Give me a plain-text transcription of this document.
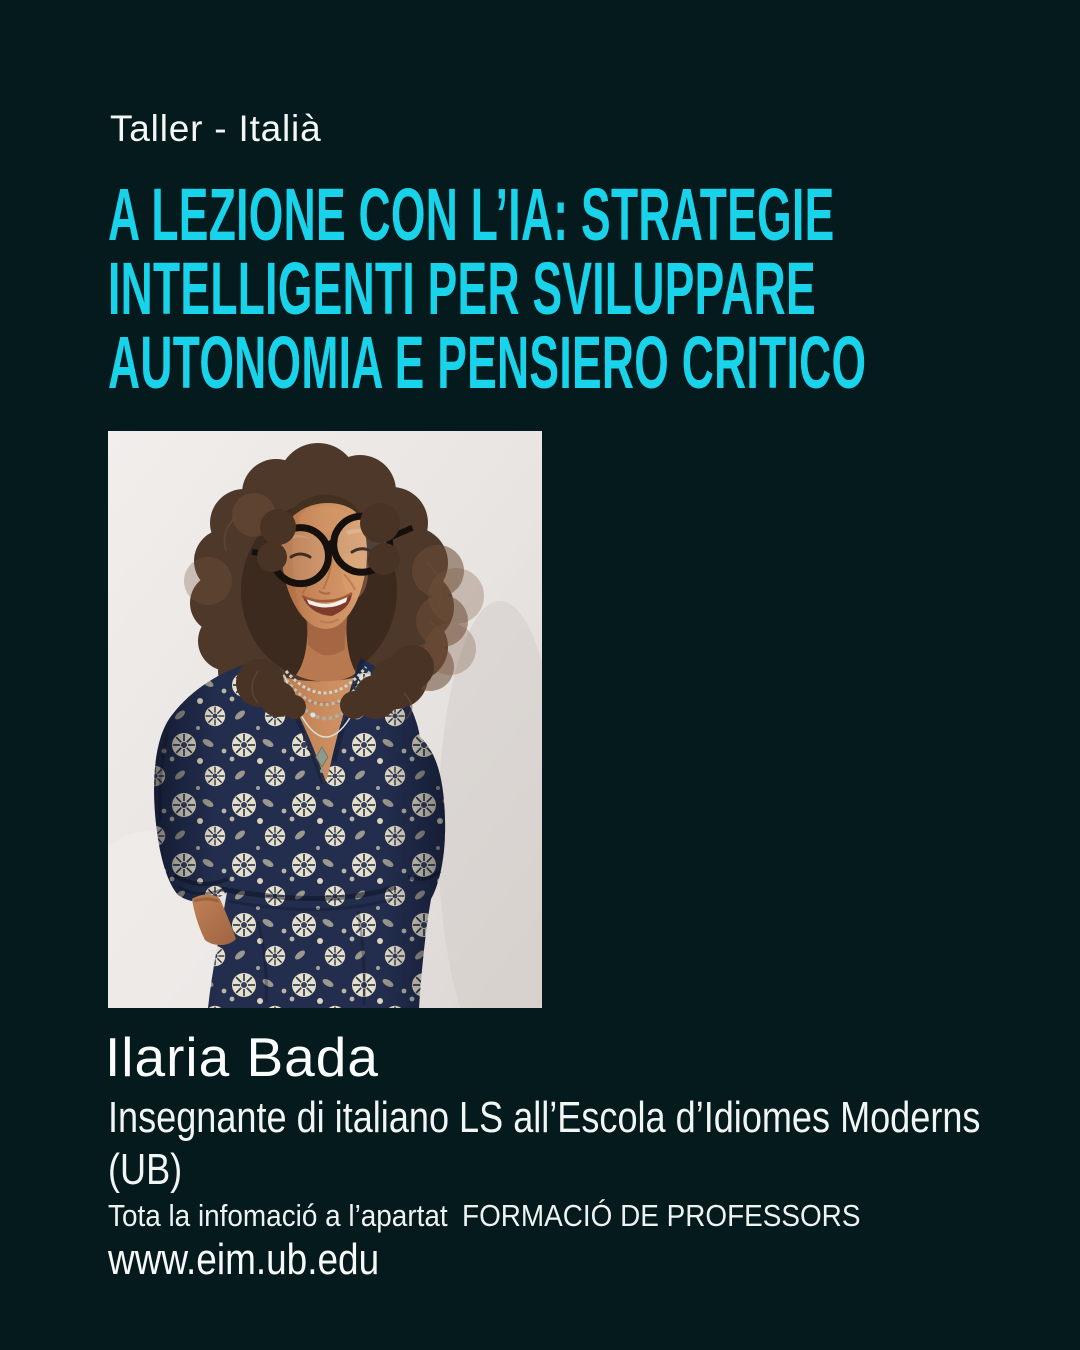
Taller - Italià
A LEZIONE CON L’IA: STRATEGIE
INTELLIGENTI PER SVILUPPARE
AUTONOMIA E PENSIERO CRITICO
Ilaria Bada
Insegnante di italiano LS all’Escola d’Idiomes Moderns
(UB)
Tota la infomació a l’apartat FORMACIÓ DE PROFESSORS
www.eim.ub.edu
